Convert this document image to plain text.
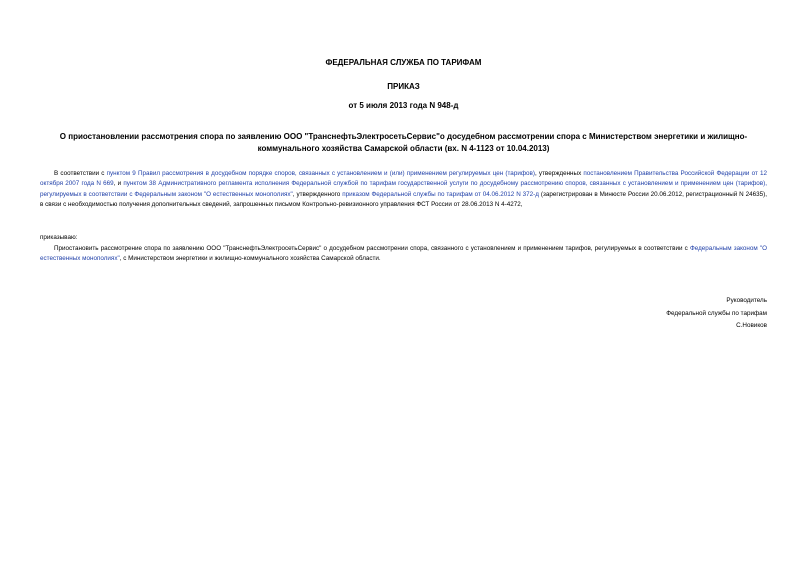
ФЕДЕРАЛЬНАЯ СЛУЖБА ПО ТАРИФАМ
ПРИКАЗ
от 5 июля 2013 года N 948-д
О приостановлении рассмотрения спора по заявлению ООО "ТранснефтьЭлектросетьСервис"о досудебном рассмотрении спора с Министерством энергетики и жилищно-коммунального хозяйства Самарской области (вх. N 4-1123 от 10.04.2013)
В соответствии с пунктом 9 Правил рассмотрения в досудебном порядке споров, связанных с установлением и (или) применением регулируемых цен (тарифов), утвержденных постановлением Правительства Российской Федерации от 12 октября 2007 года N 669, и пунктом 38 Административного регламента исполнения Федеральной службой по тарифам государственной услуги по досудебному рассмотрению споров, связанных с установлением и применением цен (тарифов), регулируемых в соответствии с Федеральным законом "О естественных монополиях", утвержденного приказом Федеральной службы по тарифам от 04.06.2012 N 372-д (зарегистрирован в Минюсте России 20.06.2012, регистрационный N 24635), в связи с необходимостью получения дополнительных сведений, запрошенных письмом Контрольно-ревизионного управления ФСТ России от 28.06.2013 N 4-4272,
приказываю:
Приостановить рассмотрение спора по заявлению ООО "ТранснефтьЭлектросетьСервис" о досудебном рассмотрении спора, связанного с установлением и применением тарифов, регулируемых в соответствии с Федеральным законом "О естественных монополиях", с Министерством энергетики и жилищно-коммунального хозяйства Самарской области.
Руководитель
Федеральной службы по тарифам
С.Новиков
